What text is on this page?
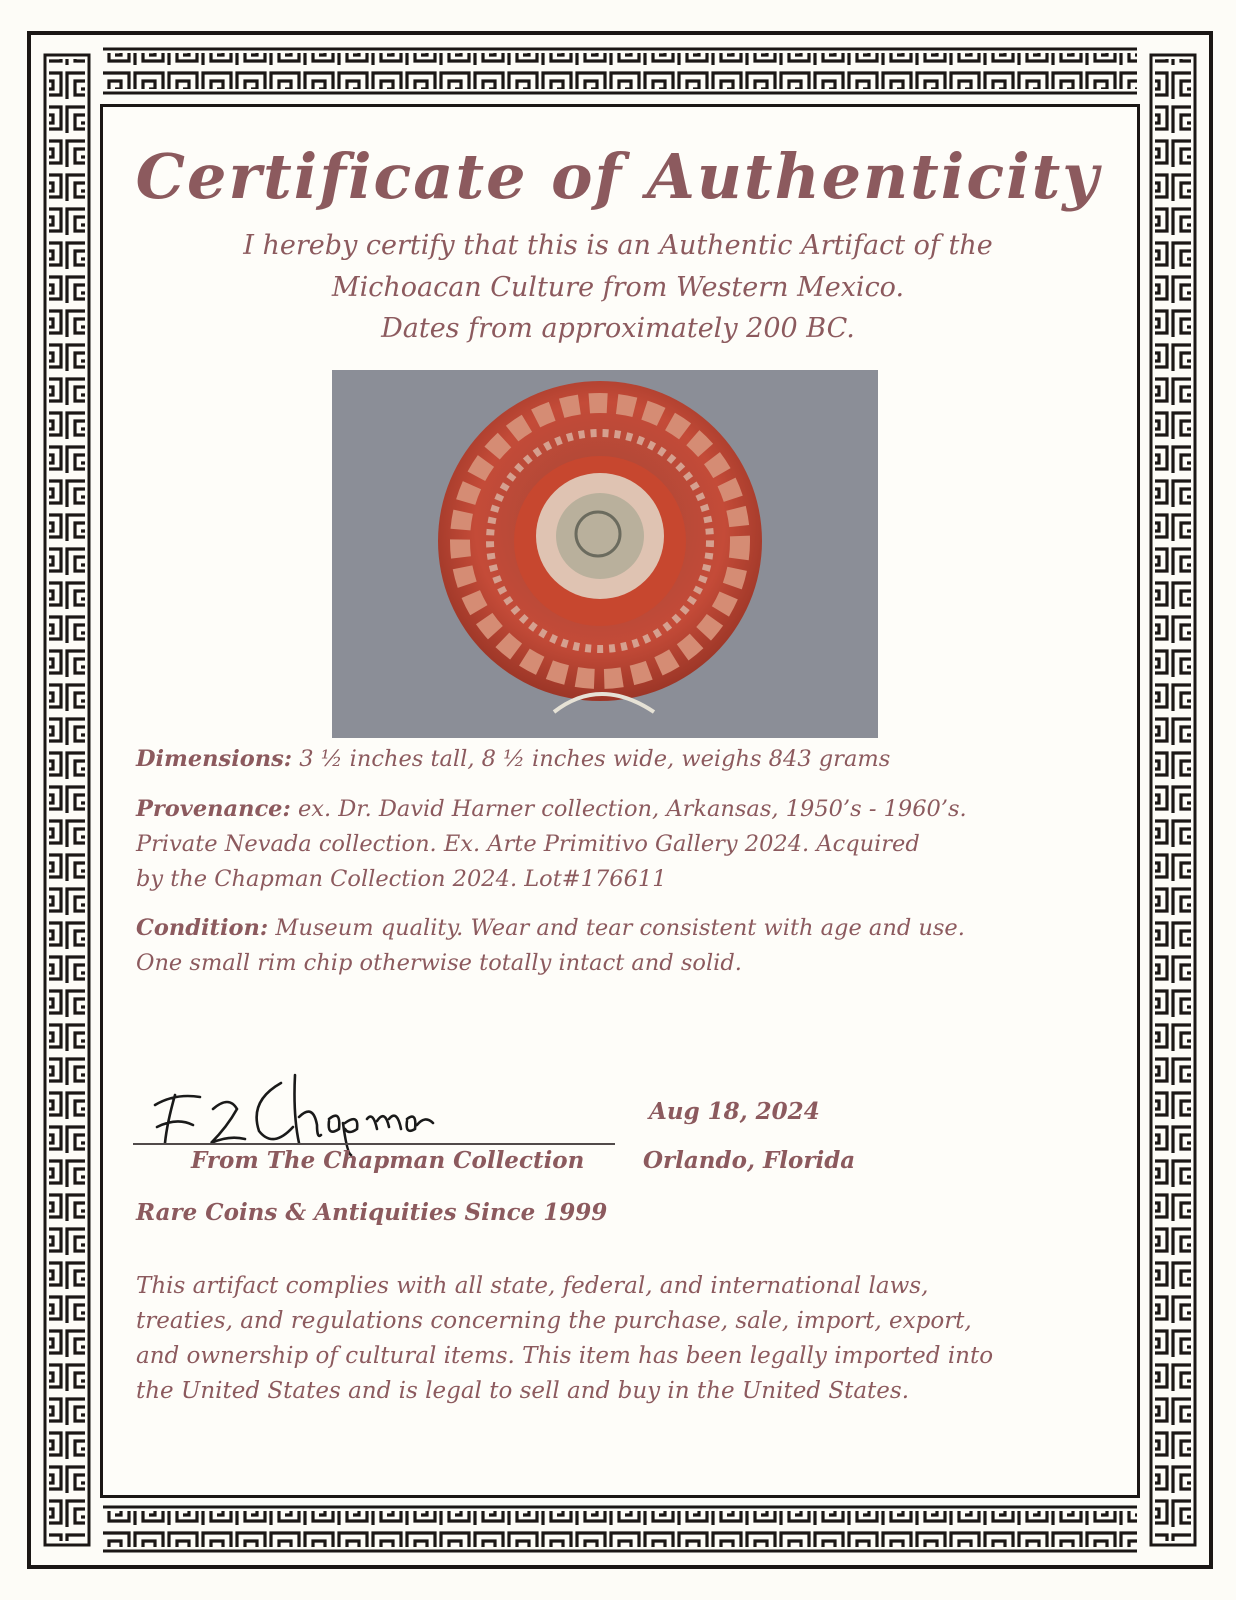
Certificate of Authenticity
I hereby certify that this is an Authentic Artifact of the
Michoacan Culture from Western Mexico.
Dates from approximately 200 BC.
Dimensions: 3 ½ inches tall, 8 ½ inches wide, weighs 843 grams
Provenance: ex. Dr. David Harner collection, Arkansas, 1950’s - 1960’s.
Private Nevada collection. Ex. Arte Primitivo Gallery 2024. Acquired
by the Chapman Collection 2024. Lot#176611
Condition: Museum quality. Wear and tear consistent with age and use.
One small rim chip otherwise totally intact and solid.
Aug 18, 2024
From The Chapman Collection	Orlando, Florida
Rare Coins & Antiquities Since 1999
This artifact complies with all state, federal, and international laws,
treaties, and regulations concerning the purchase, sale, import, export,
and ownership of cultural items. This item has been legally imported into
the United States and is legal to sell and buy in the United States.
